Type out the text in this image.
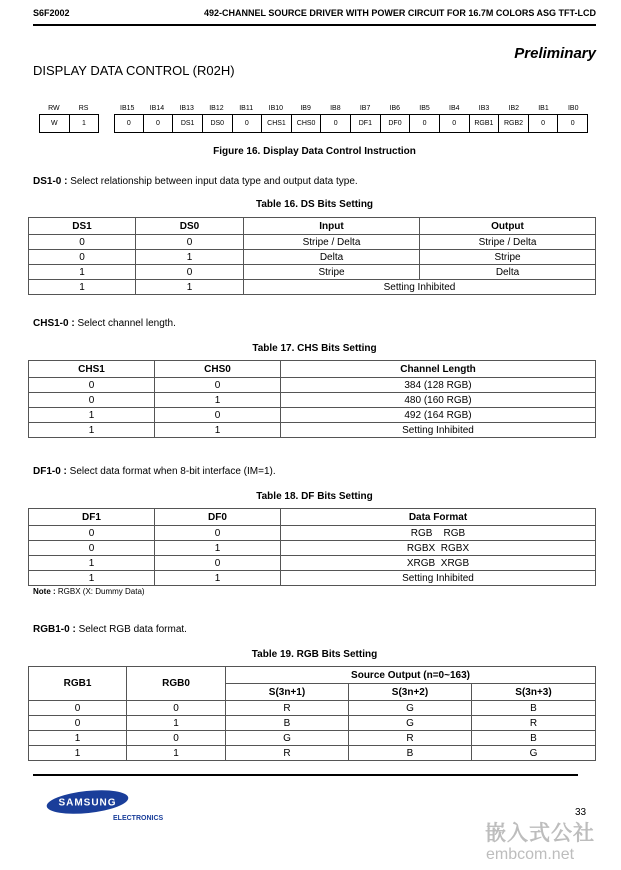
S6F2002	492-CHANNEL SOURCE DRIVER WITH POWER CIRCUIT FOR 16.7M COLORS ASG TFT-LCD
Preliminary
DISPLAY DATA CONTROL (R02H)
RW	RS	IB15	IB14	IB13	IB12	IB11	IB10	IB9	IB8	IB7	IB6	IB5	IB4	IB3	IB2	IB1	IB0
W	1	0	0	DS1	DS0	0	CHS1	CHS0	0	DF1	DF0	0	0	RGB1	RGB2	0	0
Figure 16. Display Data Control Instruction
DS1-0 : Select relationship between input data type and output data type.
Table 16. DS Bits Setting
DS1	DS0	Input	Output
0	0	Stripe / Delta	Stripe / Delta
0	1	Delta	Stripe
1	0	Stripe	Delta
1	1	Setting Inhibited	
CHS1-0 : Select channel length.
Table 17. CHS Bits Setting
CHS1	CHS0	Channel Length
0	0	384 (128 RGB)
0	1	480 (160 RGB)
1	0	492 (164 RGB)
1	1	Setting Inhibited
DF1-0 : Select data format when 8-bit interface (IM=1).
Table 18. DF Bits Setting
DF1	DF0	Data Format
0	0	RGB    RGB
0	1	RGBX  RGBX
1	0	XRGB  XRGB
1	1	Setting Inhibited
Note : RGBX (X: Dummy Data)
RGB1-0 : Select RGB data format.
Table 19. RGB Bits Setting
RGB1	RGB0	Source Output (n=0~163)		
		S(3n+1)	S(3n+2)	S(3n+3)
0	0	R	G	B
0	1	B	G	R
1	0	G	R	B
1	1	R	B	G
SAMSUNG
ELECTRONICS
33
嵌入式公社
embcom.net
